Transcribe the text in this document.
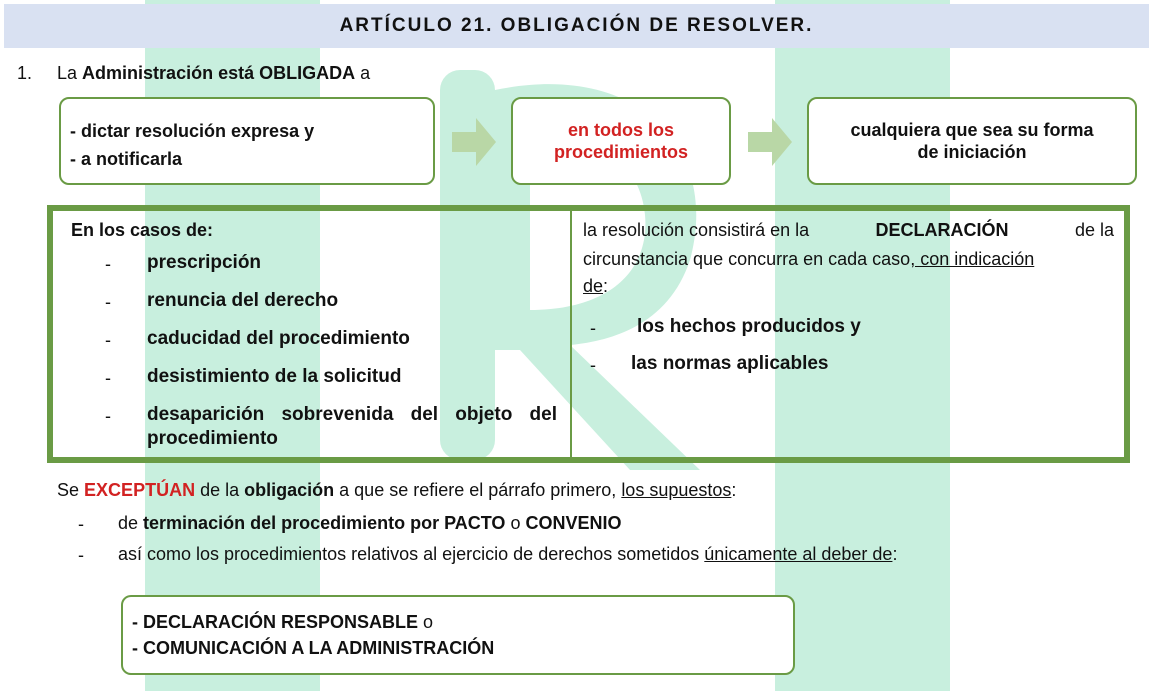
ARTÍCULO 21. OBLIGACIÓN DE RESOLVER.
1. La Administración está OBLIGADA a
- dictar resolución expresa y
- a notificarla
en todos los
procedimientos
cualquiera que sea su forma
de iniciación
En los casos de:
- prescripción
- renuncia del derecho
- caducidad del procedimiento
- desistimiento de la solicitud
- desaparición sobrevenida del objeto del
procedimiento
la resolución consistirá en la	DECLARACIÓN	de la
circunstancia que concurra en cada caso, con indicación
de:
- los hechos producidos y
- las normas aplicables
Se EXCEPTÚAN de la obligación a que se refiere el párrafo primero, los supuestos:
- de terminación del procedimiento por PACTO o CONVENIO
- así como los procedimientos relativos al ejercicio de derechos sometidos únicamente al deber de:
- DECLARACIÓN RESPONSABLE o
- COMUNICACIÓN A LA ADMINISTRACIÓN
